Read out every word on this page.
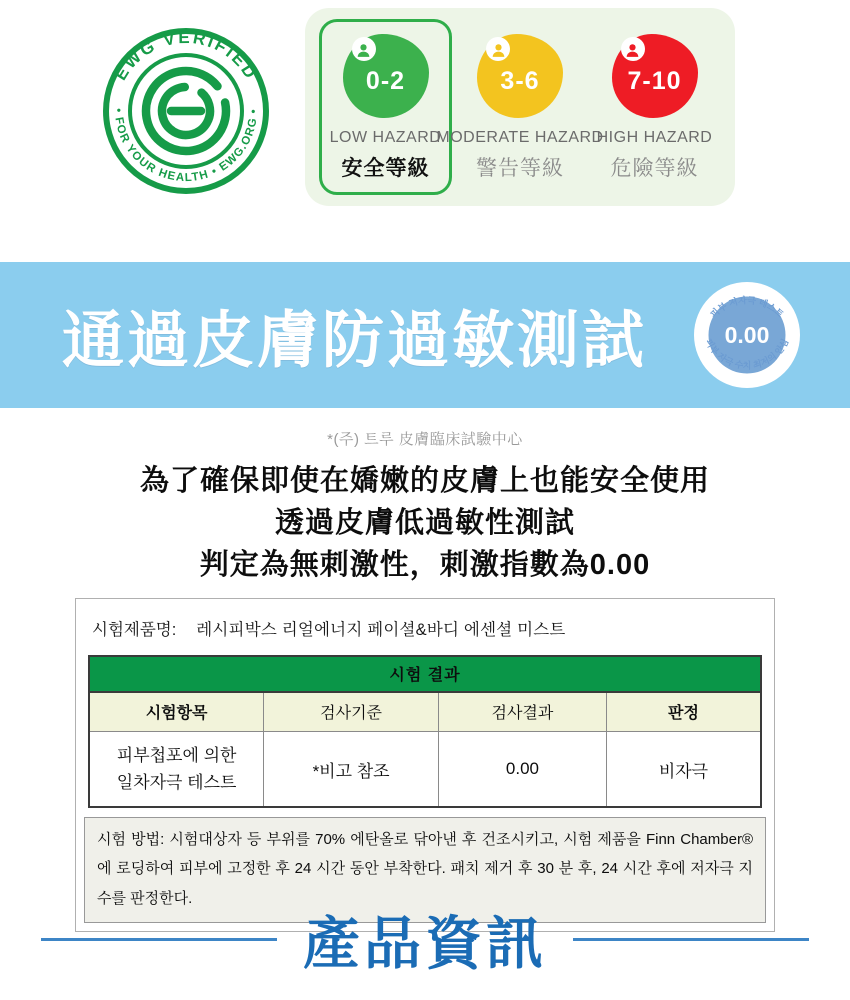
EWG VERIFIED
• FOR YOUR HEALTH • EWG.ORG •
0-2
LOW HAZARD
安全等級
3-6
MODERATE HAZARD
警告等級
7-10
HIGH HAZARD
危險等級
通過皮膚防過敏測試	0.00
피부 저자극 테스트
피부 자극 수치 최저의 안심
*(주) 트루 皮膚臨床試驗中心
為了確保即使在嬌嫩的皮膚上也能安全使用
透過皮膚低過敏性測試
判定為無刺激性，刺激指數為0.00
시험제품명: 레시피박스 리얼에너지 페이셜&바디 에센셜 미스트
시험 결과			
시험항목	검사기준	검사결과	판정

피부첩포에 의한
일차자극 테스트	*비고 참조	0.00	비자극
시험 방법: 시험대상자 등 부위를 70% 에탄올로 닦아낸 후 건조시키고, 시험 제품을 Finn Chamber®에 로딩하여 피부에 고정한 후 24 시간 동안 부착한다. 패치 제거 후 30 분 후, 24 시간 후에 저자극 지수를 판정한다.
產品資訊
